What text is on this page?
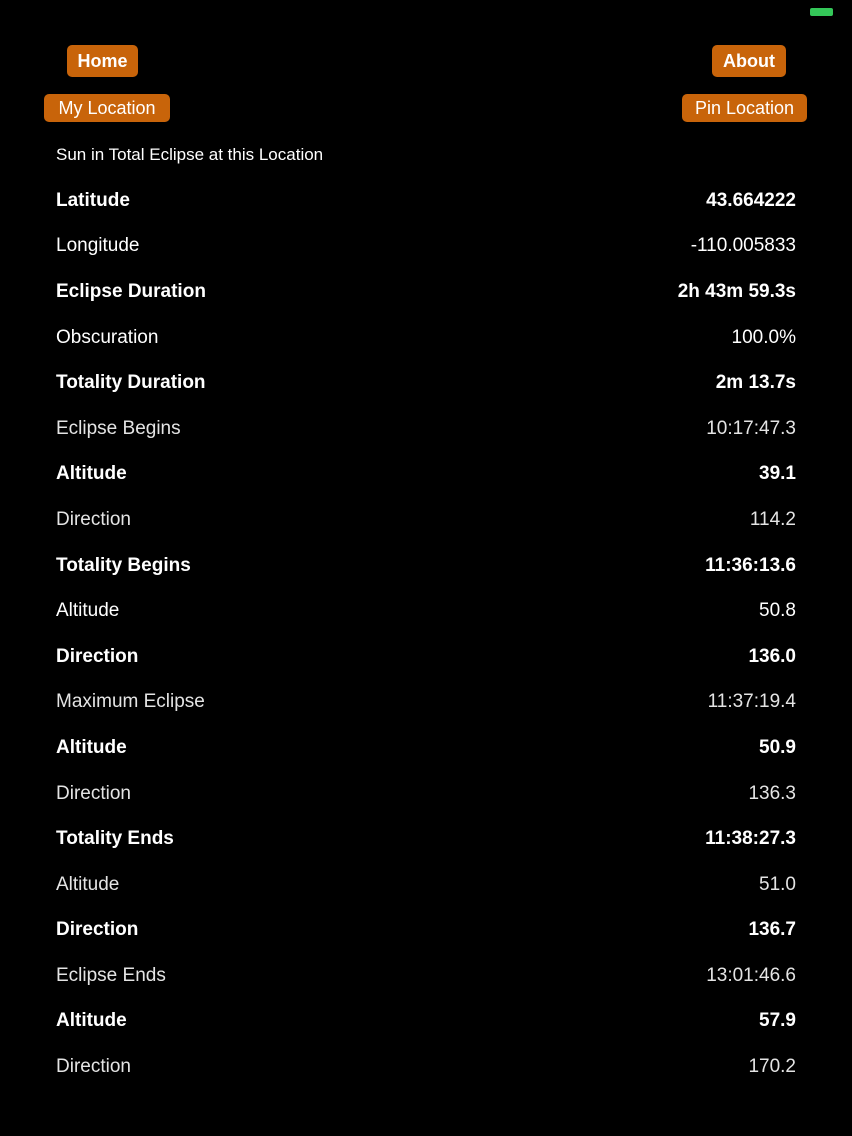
Home	About
My Location	Pin Location
Sun in Total Eclipse at this Location
Latitude	43.664222
Longitude	-110.005833
Eclipse Duration	2h 43m 59.3s
Obscuration	100.0%
Totality Duration	2m 13.7s
Eclipse Begins	10:17:47.3
Altitude	39.1
Direction	114.2
Totality Begins	11:36:13.6
Altitude	50.8
Direction	136.0
Maximum Eclipse	11:37:19.4
Altitude	50.9
Direction	136.3
Totality Ends	11:38:27.3
Altitude	51.0
Direction	136.7
Eclipse Ends	13:01:46.6
Altitude	57.9
Direction	170.2
